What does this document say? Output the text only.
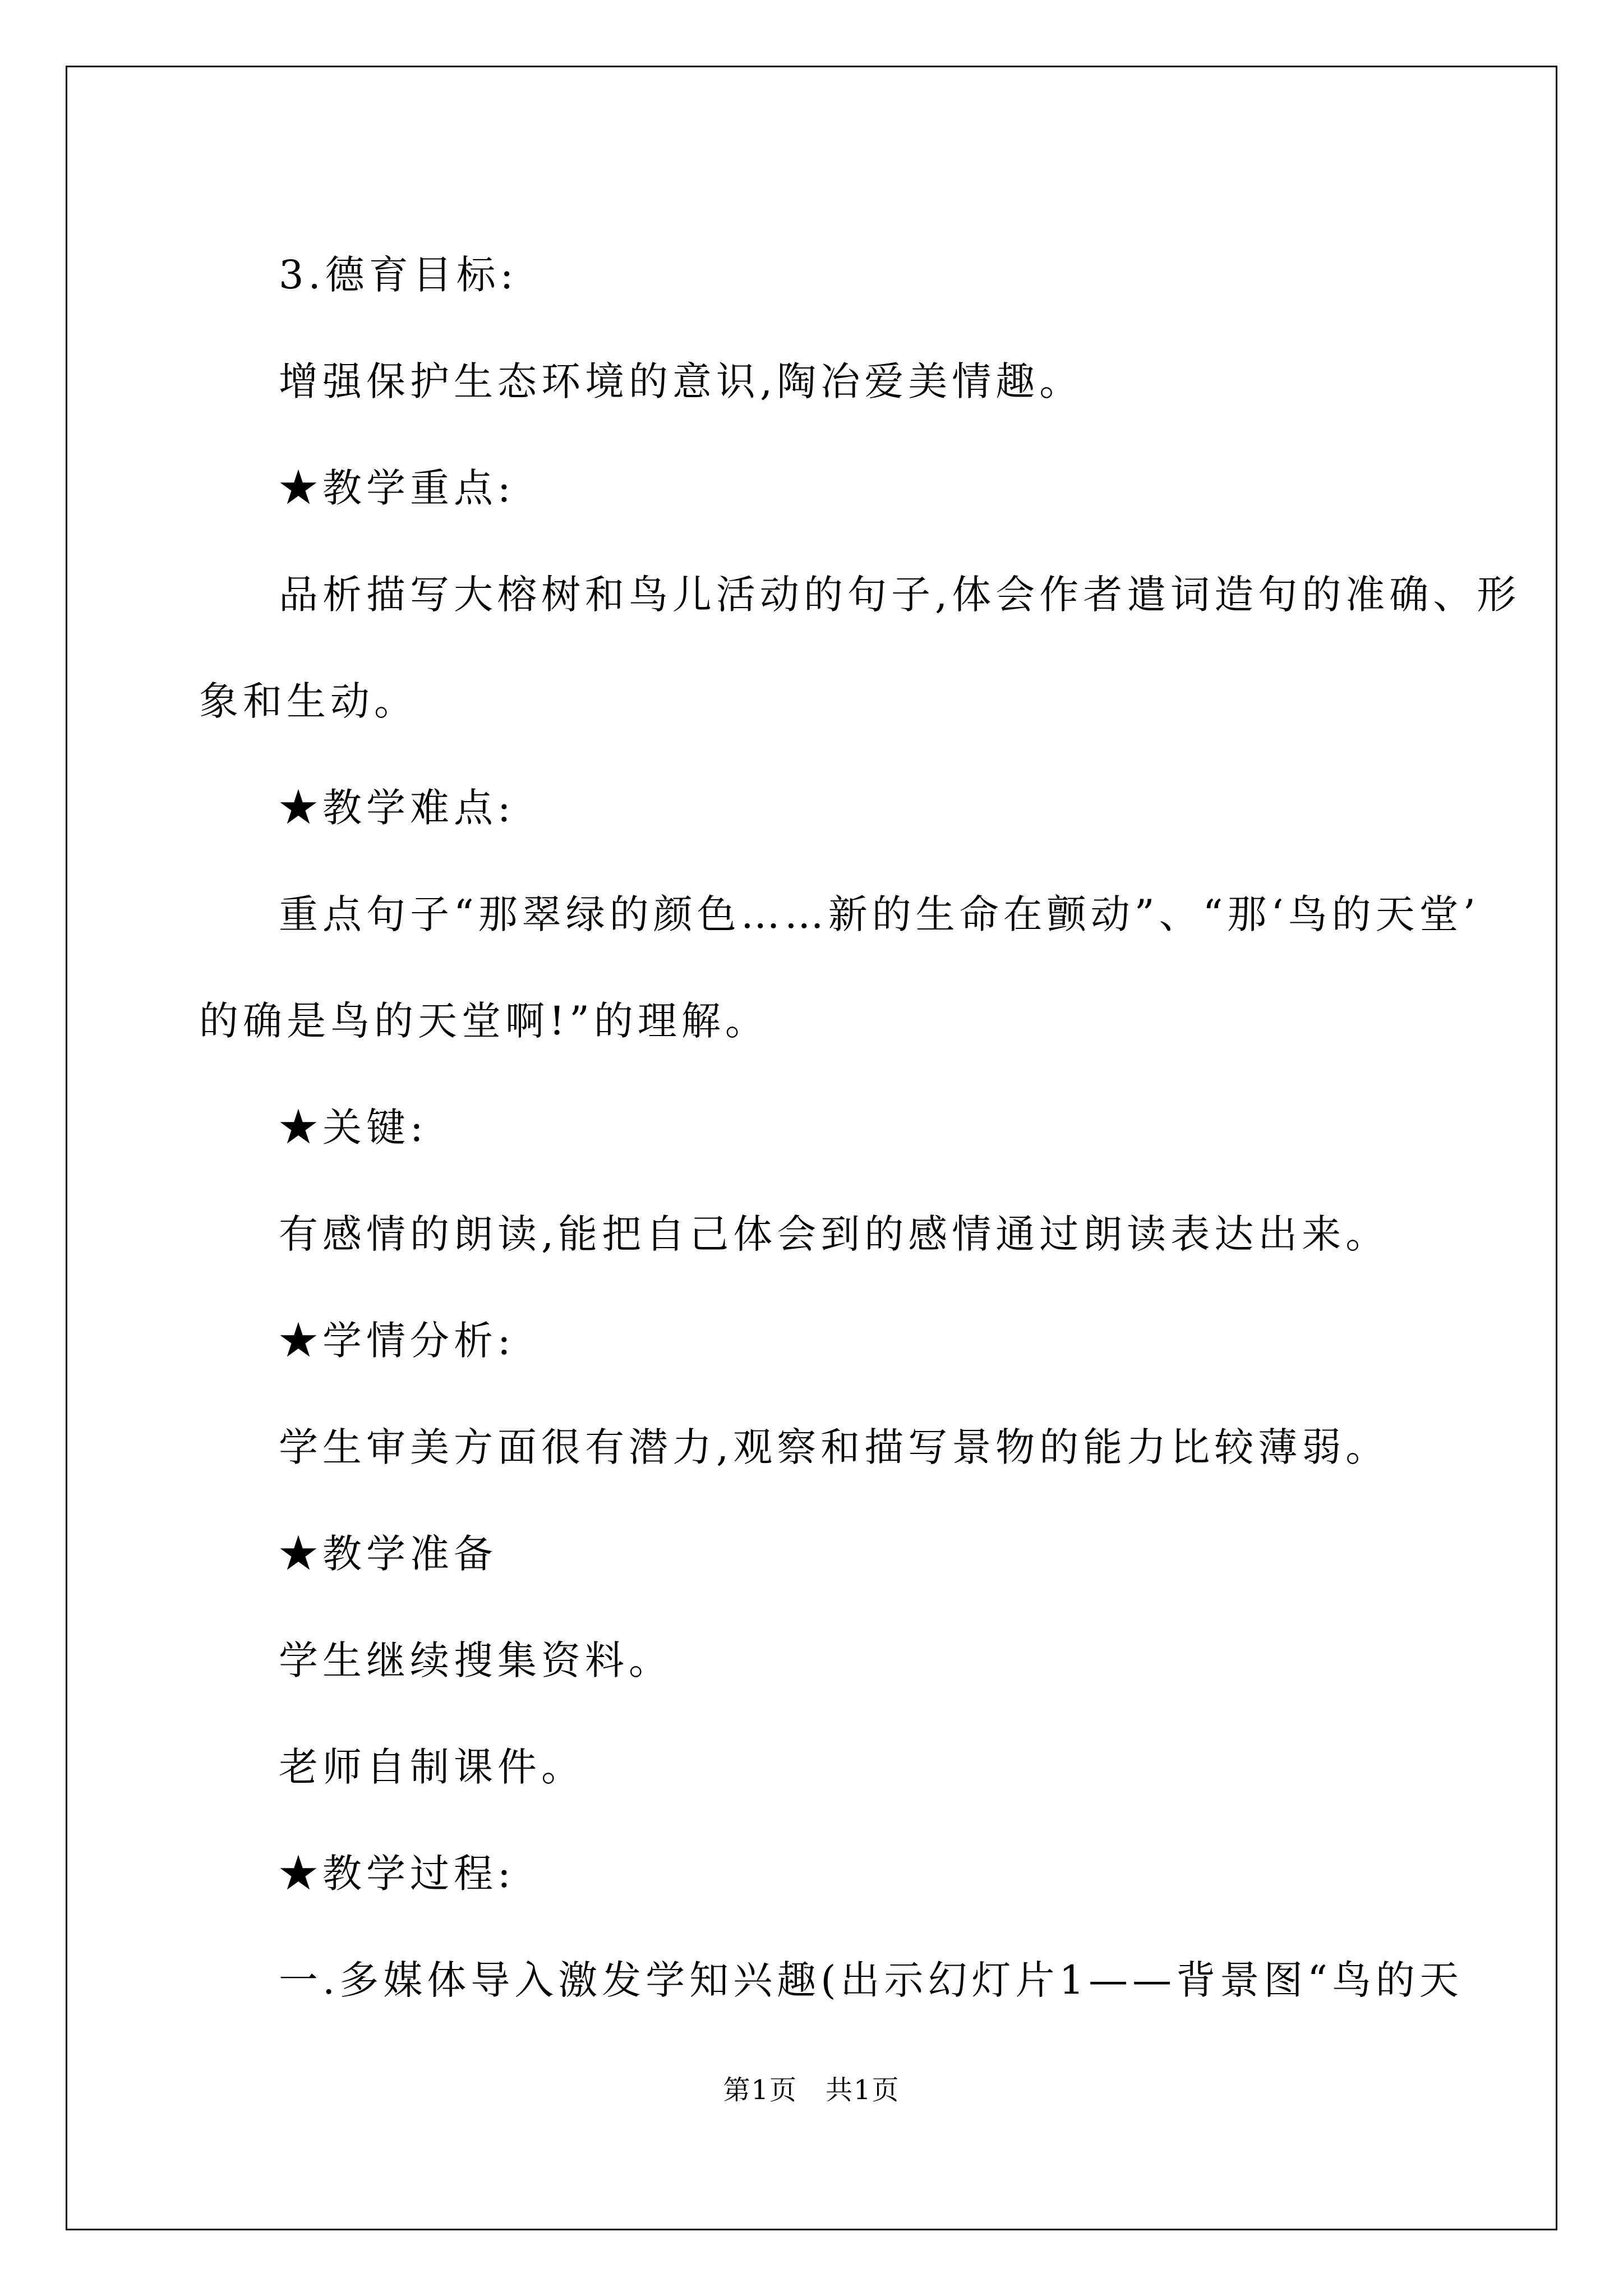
3.德育目标:

增强保护生态环境的意识,陶冶爱美情趣。

★教学重点:

品析描写大榕树和鸟儿活动的句子,体会作者遣词造句的准确、形

象和生动。

★教学难点:

重点句子“那翠绿的颜色……新的生命在颤动”、“那‘鸟的天堂’

的确是鸟的天堂啊!”的理解。

★关键:

有感情的朗读,能把自己体会到的感情通过朗读表达出来。

★学情分析:

学生审美方面很有潜力,观察和描写景物的能力比较薄弱。

★教学准备

学生继续搜集资料。

老师自制课件。

★教学过程:

一.多媒体导入激发学知兴趣(出示幻灯片1——背景图“鸟的天

第1页　共1页
